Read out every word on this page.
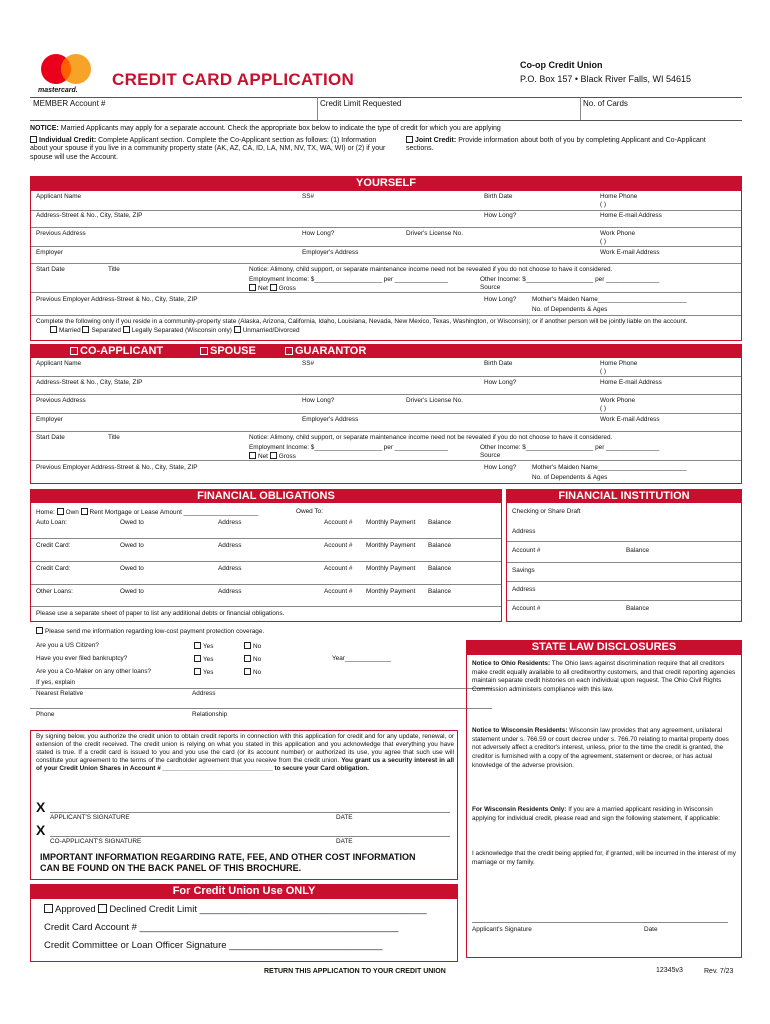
mastercard.
CREDIT CARD APPLICATION
Co-op Credit Union
P.O. Box 157 • Black River Falls, WI 54615
MEMBER Account #	Credit Limit Requested	No. of Cards
NOTICE: Married Applicants may apply for a separate account. Check the appropriate box below to indicate the type of credit for which you are applying
Individual Credit: Complete Applicant section. Complete the Co-Applicant section as follows: (1) Information about your spouse if you live in a community property state (AK, AZ, CA, ID, LA, NM, NV, TX, WA, WI) or (2) if your spouse will use the Account.
Joint Credit: Provide information about both of you by completing Applicant and Co-Applicant sections.
YOURSELF
Applicant Name	SS#	Birth Date	Home Phone
( )
Address-Street & No., City, State, ZIP	How Long?	Home E-mail Address
Previous Address	How Long?	Driver's License No.	Work Phone
( )
Employer	Employer's Address	Work E-mail Address
Start Date	Title	Notice: Alimony, child support, or separate maintenance income need not be revealed if you do not choose to have it considered.
Employment Income: $___________________ per _______________
Net Gross
Other Income: $___________________ per _______________
Source
Previous Employer Address-Street & No., City, State, ZIP	How Long? Mother's Maiden Name_________________________
No. of Dependents & Ages
Complete the following only if you reside in a community-property state (Alaska, Arizona, California, Idaho, Louisiana, Nevada, New Mexico, Texas, Washington, or Wisconsin); or if another person will be jointly liable on the account.
Married Separated Legally Separated (Wisconsin only) Unmarried/Divorced
CO-APPLICANT	SPOUSE	GUARANTOR
Applicant Name	SS#	Birth Date	Home Phone
( )
Address-Street & No., City, State, ZIP	How Long?	Home E-mail Address
Previous Address	How Long?	Driver's License No.	Work Phone
( )
Employer	Employer's Address	Work E-mail Address
Start Date	Title	Notice: Alimony, child support, or separate maintenance income need not be revealed if you do not choose to have it considered.
Employment Income: $___________________ per _______________
Net Gross
Other Income: $___________________ per _______________
Source
Previous Employer Address-Street & No., City, State, ZIP	How Long? Mother's Maiden Name_________________________
No. of Dependents & Ages
FINANCIAL OBLIGATIONS
Home: Own Rent Mortgage or Lease Amount _____________________	Owed To:
Auto Loan:	Owed to	Address	Account # Monthly Payment Balance
Credit Card:	Owed to	Address	Account # Monthly Payment Balance
Credit Card:	Owed to	Address	Account # Monthly Payment Balance
Other Loans:	Owed to	Address	Account # Monthly Payment Balance
Please use a separate sheet of paper to list any additional debts or financial obligations.
FINANCIAL INSTITUTION
Checking or Share Draft
Address
Account #	Balance
Savings
Address
Account #	Balance
Please send me information regarding low-cost payment protection coverage.
Are you a US Citizen?
Have you ever filed bankruptcy?
Are you a Co-Maker on any other loans?
If yes, explain
Yes	No
Yes	No	Year_____________
Yes	No
Nearest Relative	Address
Phone	Relationship
By signing below, you authorize the credit union to obtain credit reports in connection with this application for credit and for any update, renewal, or extension of the credit received. The credit union is relying on what you stated in this application and you acknowledge that everything you have stated is true. If a credit card is issued to you and you use the card (or its account number) or authorized its use, you agree that such use will constitute your agreement to the terms of the cardholder agreement that you receive from the credit union. You grant us a security interest in all of your Credit Union Shares in Account # _______________________________ to secure your Card obligation.
X
APPLICANT'S SIGNATURE	DATE
X
CO-APPLICANT'S SIGNATURE	DATE
IMPORTANT INFORMATION REGARDING RATE, FEE, AND OTHER COST INFORMATION CAN BE FOUND ON THE BACK PANEL OF THIS BROCHURE.
For Credit Union Use ONLY
Approved Declined Credit Limit ___________________________________________
Credit Card Account # _________________________________________________
Credit Committee or Loan Officer Signature _____________________________
STATE LAW DISCLOSURES
Notice to Ohio Residents: The Ohio laws against discrimination require that all creditors make credit equally available to all creditworthy customers, and that credit reporting agencies maintain separate credit histories on each individual upon request. The Ohio Civil Rights Commission administers compliance with this law.
Notice to Wisconsin Residents: Wisconsin law provides that any agreement, unilateral statement under s. 766.59 or court decree under s. 766.70 relating to marital property does not adversely affect a creditor's interest, unless, prior to the time the credit is granted, the creditor is furnished with a copy of the agreement, statement or decree, or has actual knowledge of the adverse provision.
For Wisconsin Residents Only: If you are a married applicant residing in Wisconsin applying for individual credit, please read and sign the following statement, if applicable:
I acknowledge that the credit being applied for, if granted, will be incurred in the interest of my marriage or my family.
Applicant's Signature	Date
RETURN THIS APPLICATION TO YOUR CREDIT UNION	12345v3	Rev. 7/23
